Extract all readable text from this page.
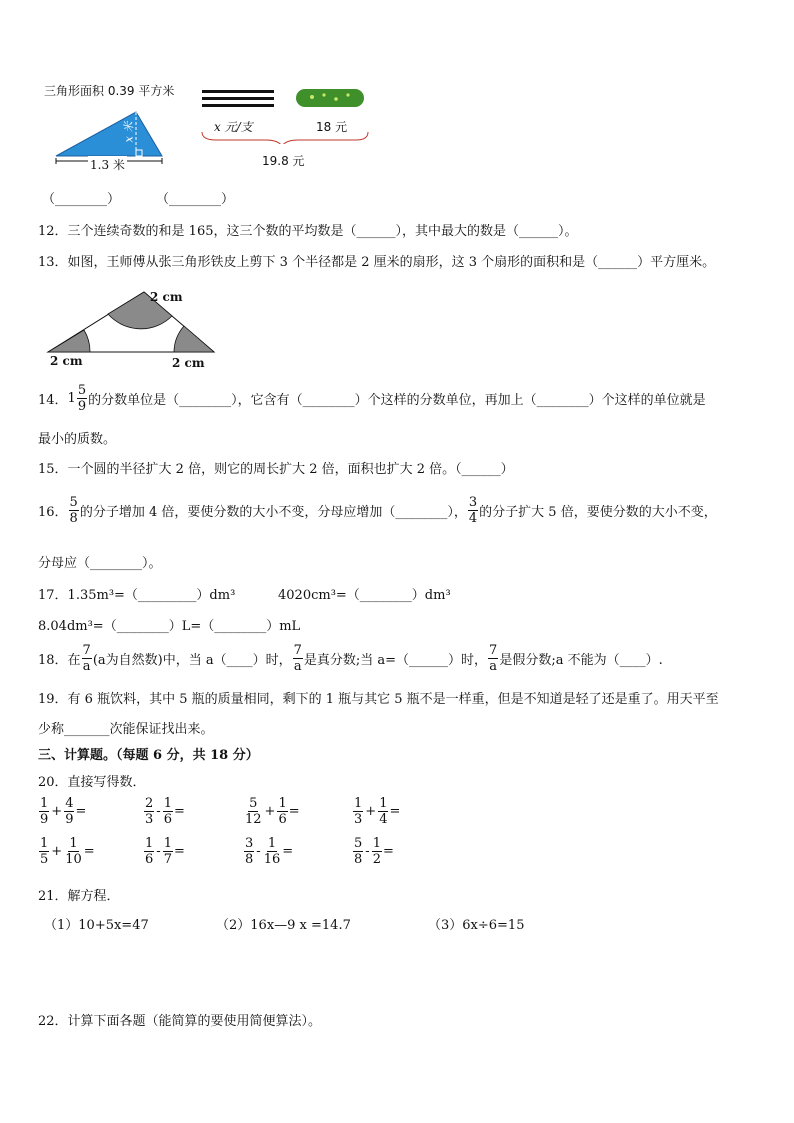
三角形面积 0.39 平方米
x 米
1.3 米
（________）
x 元/支	18 元
19.8 元
（________）
12．三个连续奇数的和是 165，这三个数的平均数是（______），其中最大的数是（______）。
13．如图，王师傅从张三角形铁皮上剪下 3 个半径都是 2 厘米的扇形，这 3 个扇形的面积和是（______）平方厘米。
2 cm
2 cm	2 cm
14． $1 \frac{5}{9}$ 的分数单位是（________），它含有（________）个这样的分数单位，再加上（________）个这样的单位就是
最小的质数。
15．一个圆的半径扩大 2 倍，则它的周长扩大 2 倍，面积也扩大 2 倍。（______）
16． $\frac{5}{8}$ 的分子增加 4 倍，要使分数的大小不变，分母应增加（________）， $\frac{3}{4}$ 的分子扩大 5 倍，要使分数的大小不变，
分母应（________）。
17．1.35m³=（_________）dm³	4020cm³=（________）dm³
8.04dm³=（________）L=（________）mL
18．在 $\frac{7}{a} (a$为自然数)中，当 a（____）时， $\frac{7}{a}$ 是真分数;当 a=（______）时， $\frac{7}{a}$ 是假分数;a 不能为（____）.
19．有 6 瓶饮料，其中 5 瓶的质量相同，剩下的 1 瓶与其它 5 瓶不是一样重，但是不知道是轻了还是重了。用天平至
少称_______次能保证找出来。
三、计算题。（每题 6 分，共 18 分）
20．直接写得数．
$\frac{1}{9} + \frac{4}{9}$ =	$\frac{2}{3} - \frac{1}{6}$ =	$\frac{5}{12} + \frac{1}{6}$ =	$\frac{1}{3} + \frac{1}{4}$ =
$\frac{1}{5} + \frac{1}{10}$ =	$\frac{1}{6} - \frac{1}{7}$ =	$\frac{3}{8} - \frac{1}{16}$ =	$\frac{5}{8} - \frac{1}{2}$ =
21．解方程．
（1）10+5x=47	（2）16x—9 x =14.7	（3）6x÷6=15
22．计算下面各题（能简算的要使用简便算法）。
